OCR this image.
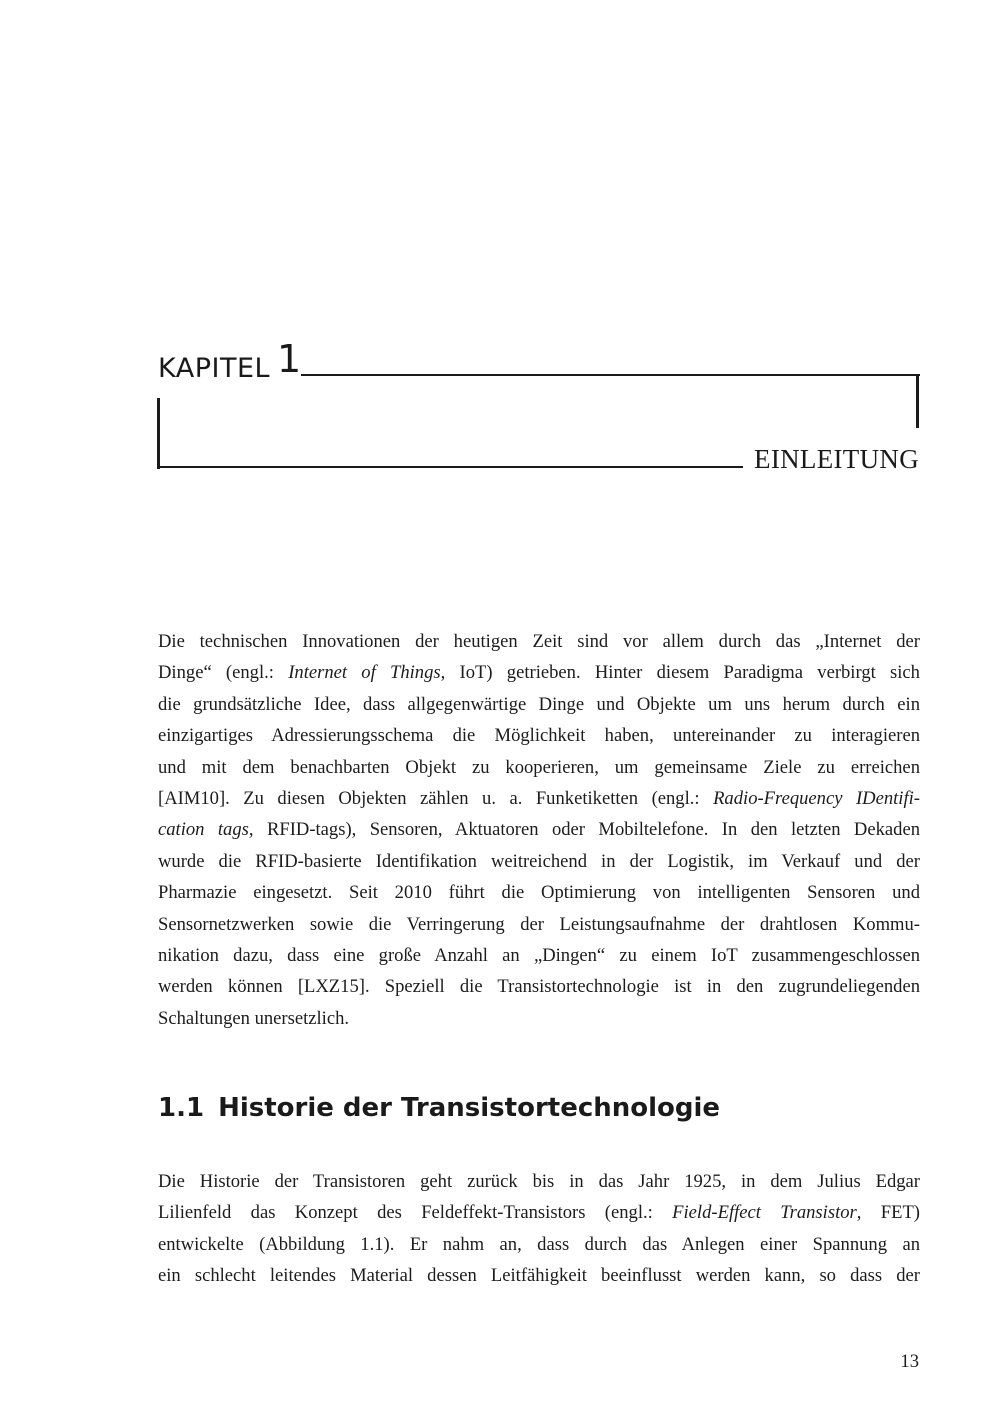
KAPITEL 1
EINLEITUNG
Die technischen Innovationen der heutigen Zeit sind vor allem durch das „Internet der
Dinge“ (engl.: Internet of Things, IoT) getrieben. Hinter diesem Paradigma verbirgt sich
die grundsätzliche Idee, dass allgegenwärtige Dinge und Objekte um uns herum durch ein
einzigartiges Adressierungsschema die Möglichkeit haben, untereinander zu interagieren
und mit dem benachbarten Objekt zu kooperieren, um gemeinsame Ziele zu erreichen
[AIM10]. Zu diesen Objekten zählen u. a. Funketiketten (engl.: Radio-Frequency IDentifi-
cation tags, RFID-tags), Sensoren, Aktuatoren oder Mobiltelefone. In den letzten Dekaden
wurde die RFID-basierte Identifikation weitreichend in der Logistik, im Verkauf und der
Pharmazie eingesetzt. Seit 2010 führt die Optimierung von intelligenten Sensoren und
Sensornetzwerken sowie die Verringerung der Leistungsaufnahme der drahtlosen Kommu-
nikation dazu, dass eine große Anzahl an „Dingen“ zu einem IoT zusammengeschlossen
werden können [LXZ15]. Speziell die Transistortechnologie ist in den zugrundeliegenden
Schaltungen unersetzlich.
1.1 Historie der Transistortechnologie
Die Historie der Transistoren geht zurück bis in das Jahr 1925, in dem Julius Edgar
Lilienfeld das Konzept des Feldeffekt-Transistors (engl.: Field-Effect Transistor, FET)
entwickelte (Abbildung 1.1). Er nahm an, dass durch das Anlegen einer Spannung an
ein schlecht leitendes Material dessen Leitfähigkeit beeinflusst werden kann, so dass der
13
